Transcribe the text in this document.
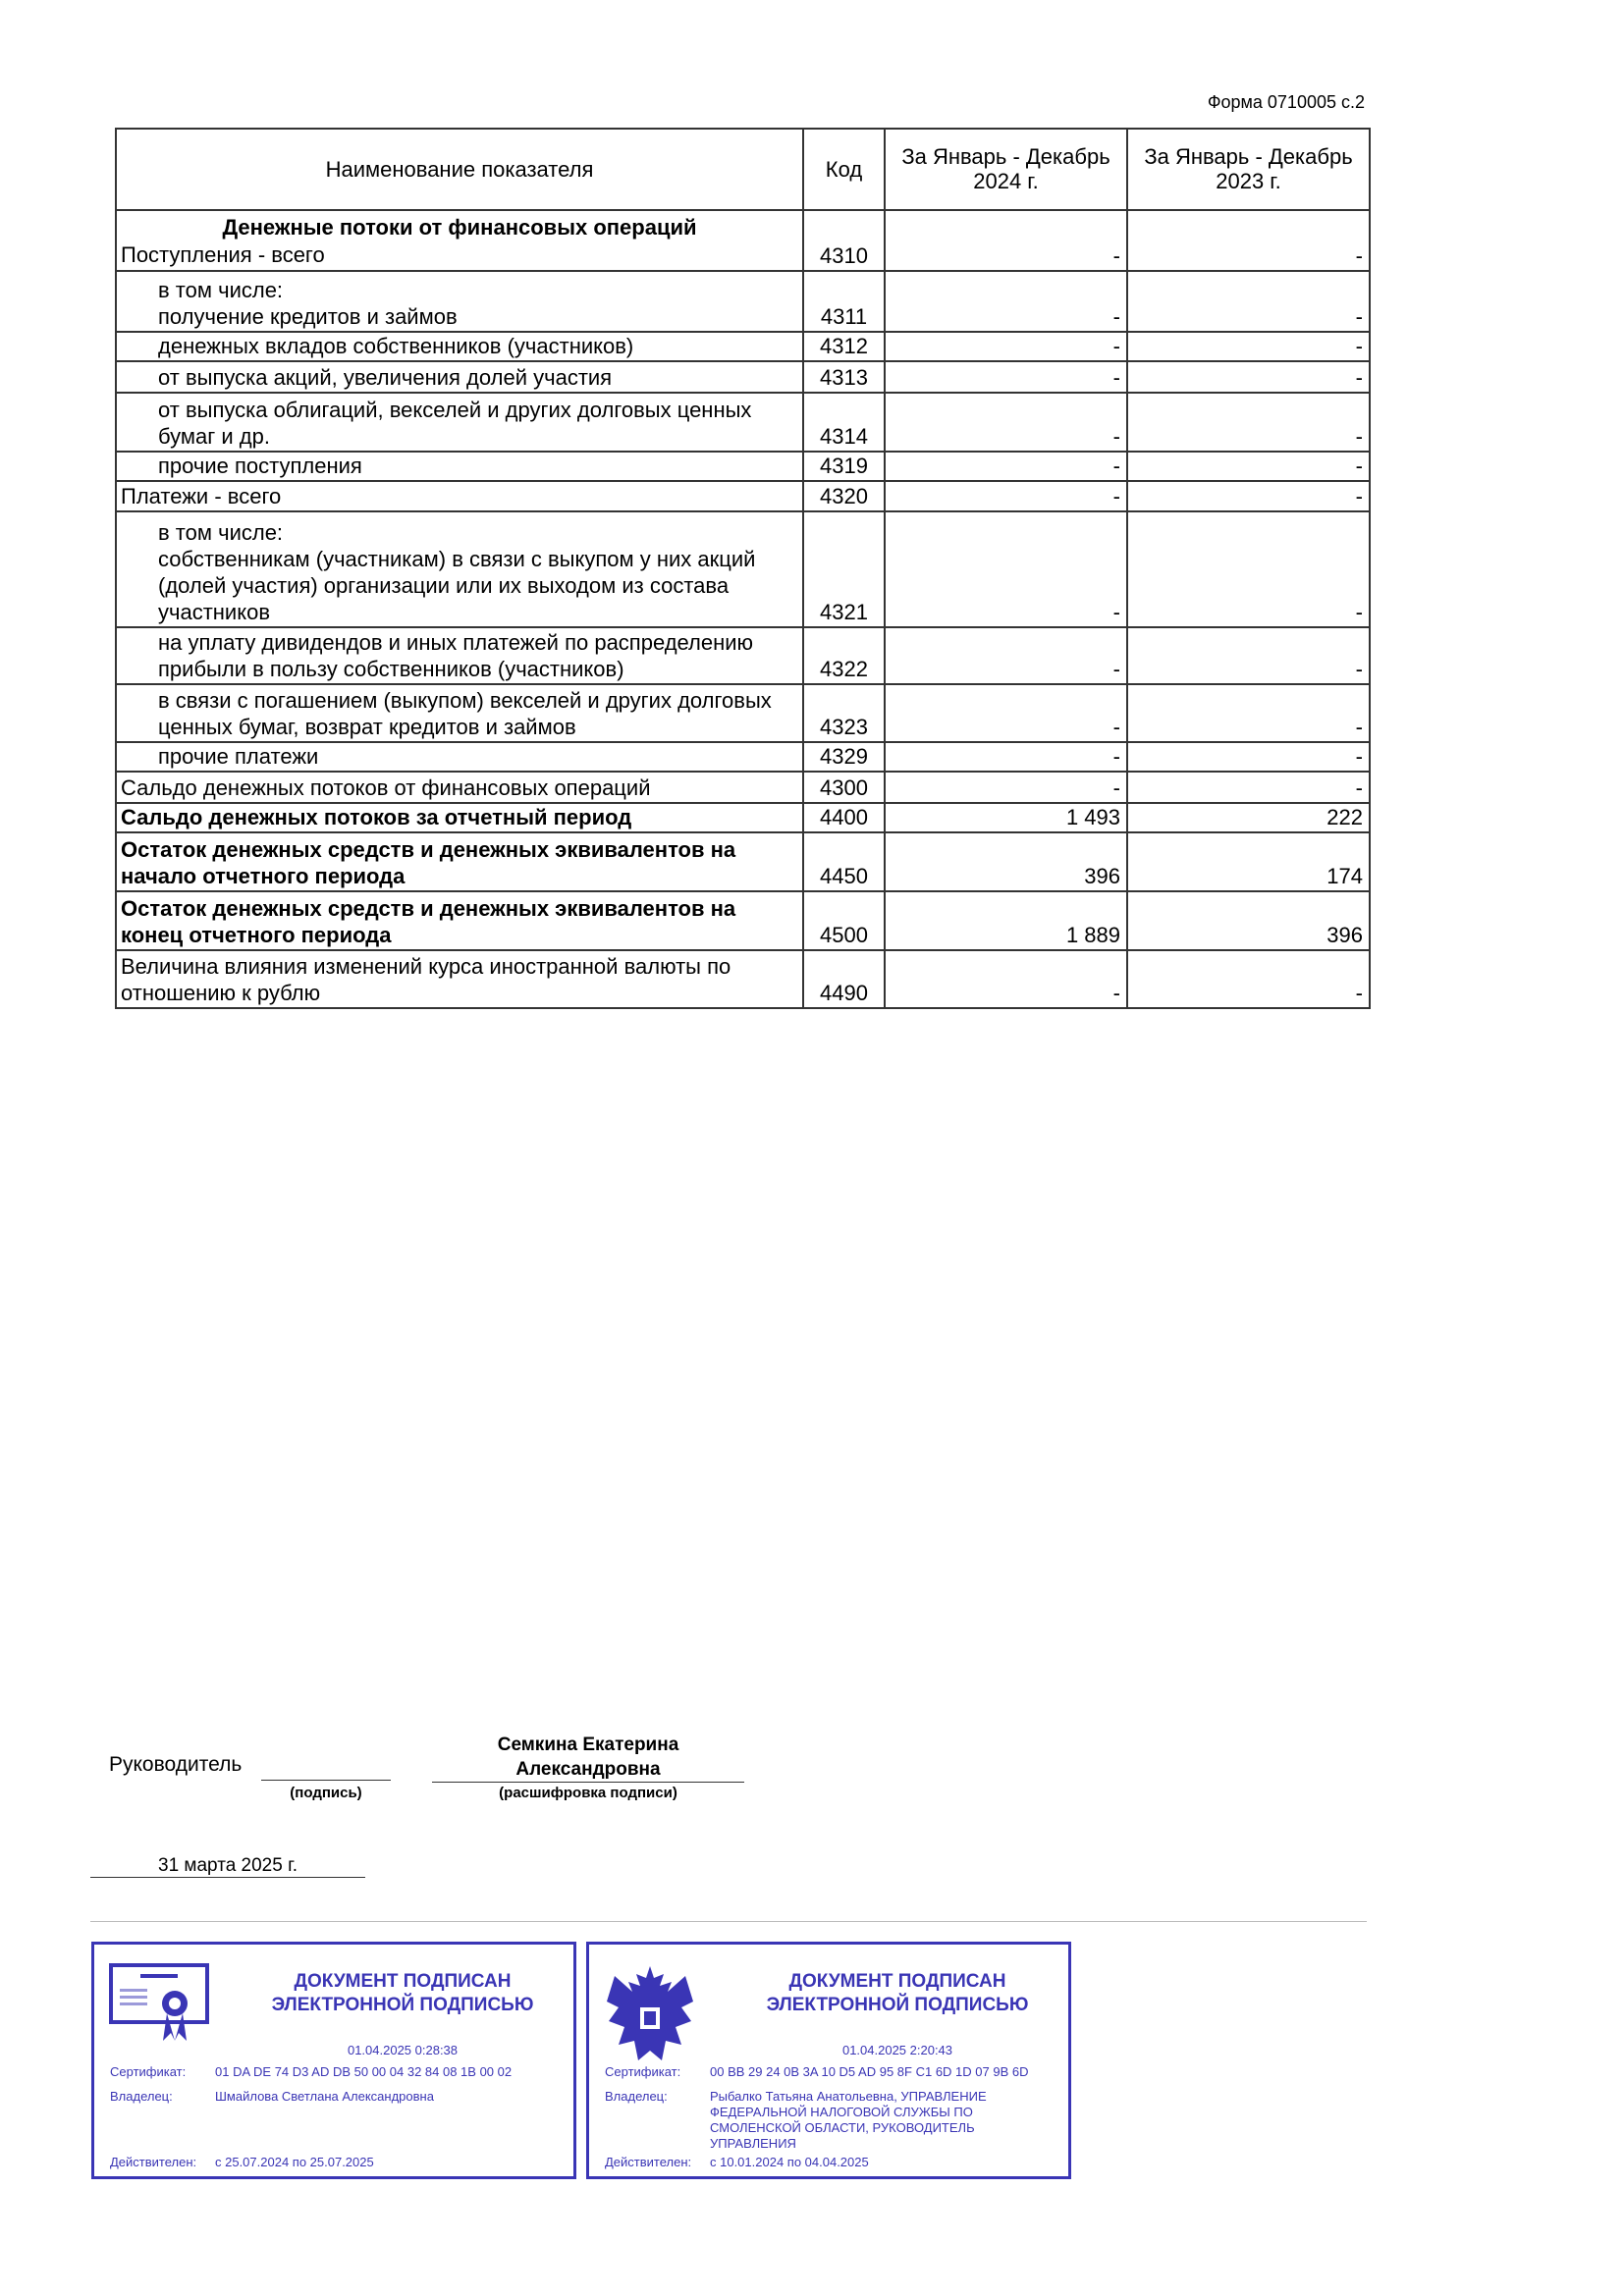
Форма 0710005 с.2
Наименование показателя	Код	За Январь - Декабрь 2024 г.	За Январь - Декабрь 2023 г.

Денежные потоки от финансовых операций
Поступления - всего	4310	-	-

в том числе:
получение кредитов и займов	4311	-	-

денежных вкладов собственников (участников)	4312	-	-

от выпуска акций, увеличения долей участия	4313	-	-

от выпуска облигаций, векселей и других долговых ценных бумаг и др.	4314	-	-

прочие поступления	4319	-	-

Платежи - всего	4320	-	-

в том числе:
собственникам (участникам) в связи с выкупом у них акций (долей участия) организации или их выходом из состава участников	4321	-	-

на уплату дивидендов и иных платежей по распределению прибыли в пользу собственников (участников)	4322	-	-

в связи с погашением (выкупом) векселей и других долговых ценных бумаг, возврат кредитов и займов	4323	-	-

прочие платежи	4329	-	-

Сальдо денежных потоков от финансовых операций	4300	-	-

Сальдо денежных потоков за отчетный период	4400	1 493	222

Остаток денежных средств и денежных эквивалентов на начало отчетного периода	4450	396	174

Остаток денежных средств и денежных эквивалентов на конец отчетного периода	4500	1 889	396

Величина влияния изменений курса иностранной валюты по отношению к рублю	4490	-	-
Руководитель
(подпись)
Семкина Екатерина Александровна
(расшифровка подписи)
31 марта 2025 г.
ДОКУМЕНТ ПОДПИСАН ЭЛЕКТРОННОЙ ПОДПИСЬЮ
01.04.2025 0:28:38
Сертификат:	01 DA DE 74 D3 AD DB 50 00 04 32 84 08 1B 00 02
Владелец:	Шмайлова Светлана Александровна
Действителен:	с 25.07.2024 по 25.07.2025
ДОКУМЕНТ ПОДПИСАН ЭЛЕКТРОННОЙ ПОДПИСЬЮ
01.04.2025 2:20:43
Сертификат:	00 BB 29 24 0B 3A 10 D5 AD 95 8F C1 6D 1D 07 9B 6D
Владелец:	Рыбалко Татьяна Анатольевна, УПРАВЛЕНИЕ ФЕДЕРАЛЬНОЙ НАЛОГОВОЙ СЛУЖБЫ ПО СМОЛЕНСКОЙ ОБЛАСТИ, РУКОВОДИТЕЛЬ УПРАВЛЕНИЯ
Действителен:	с 10.01.2024 по 04.04.2025
